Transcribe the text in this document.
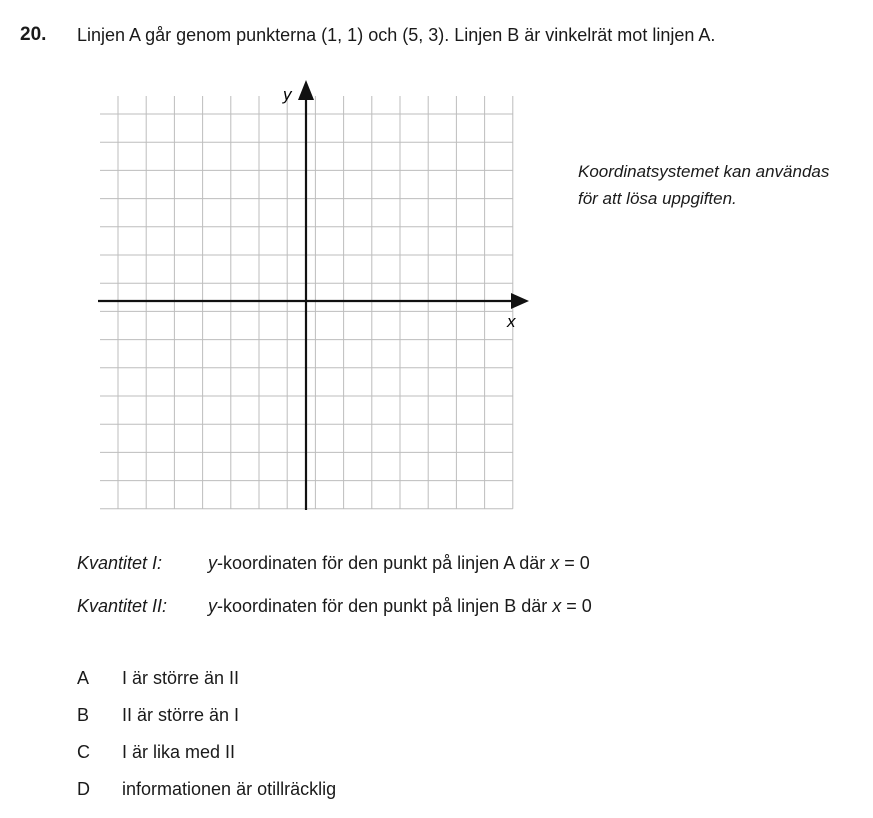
20. Linjen A går genom punkterna (1, 1) och (5, 3). Linjen B är vinkelrät mot linjen A.
x
y
Koordinatsystemet kan användas
för att lösa uppgiften.
Kvantitet I:	y-koordinaten för den punkt på linjen A där x = 0
Kvantitet II: y-koordinaten för den punkt på linjen B där x = 0
A I är större än II
B II är större än I
C I är lika med II
D informationen är otillräcklig
